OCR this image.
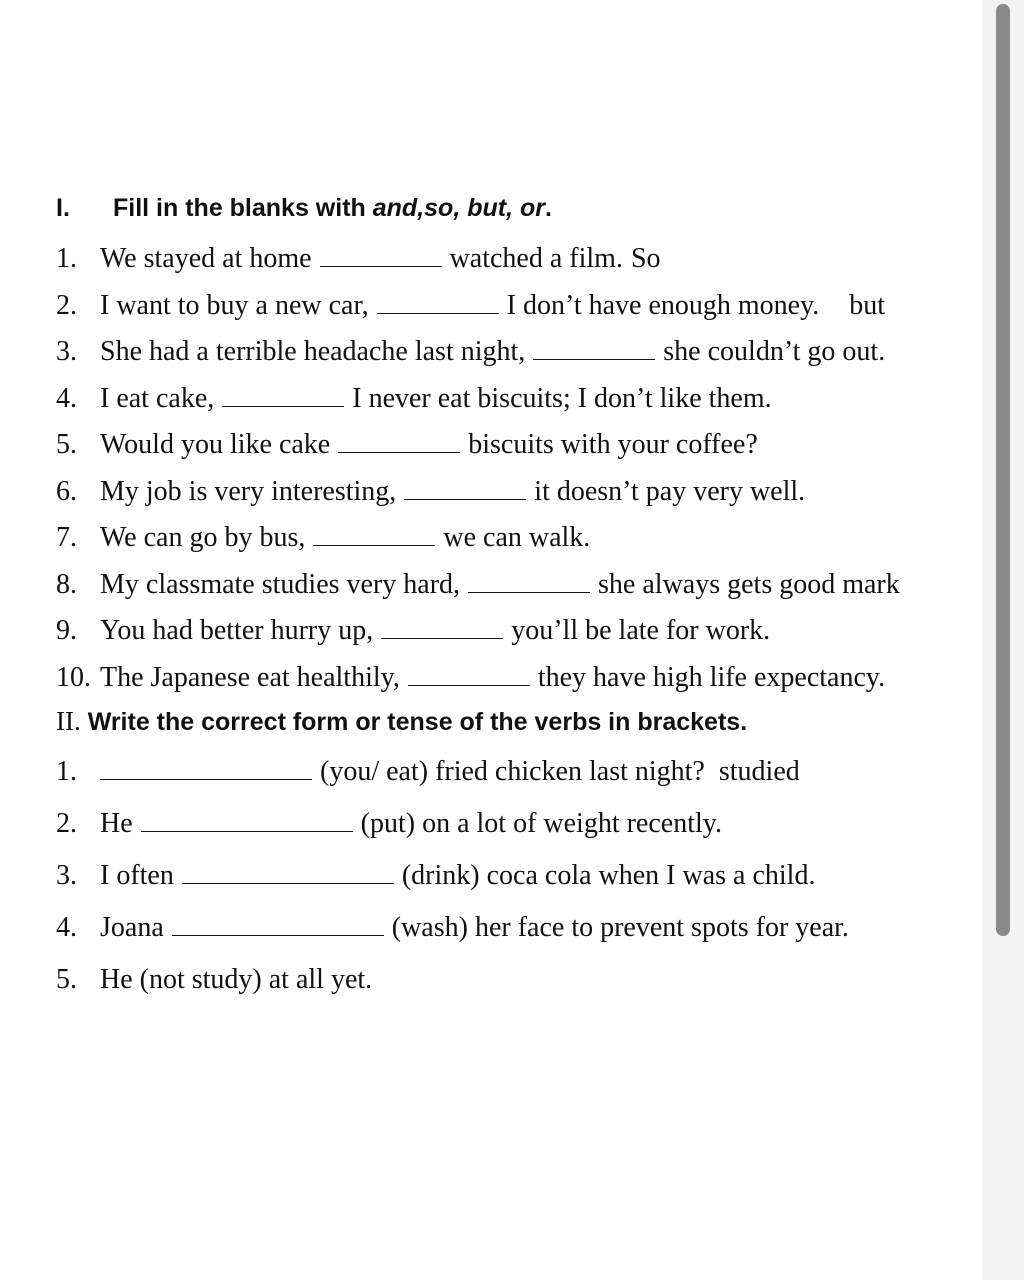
I. Fill in the blanks with and,so, but, or.
1. We stayed at home	watched a film. So
2. I want to buy a new car,	I don’t have enough money. but
3. She had a terrible headache last night,	she couldn’t go out.
4. I eat cake,	I never eat biscuits; I don’t like them.
5. Would you like cake	biscuits with your coffee?
6. My job is very interesting,	it doesn’t pay very well.
7. We can go by bus,	we can walk.
8. My classmate studies very hard,	she always gets good mark
9. You had better hurry up,	you’ll be late for work.
10. The Japanese eat healthily,	they have high life expectancy.
II. Write the correct form or tense of the verbs in brackets.
1.	(you/ eat) fried chicken last night? studied
2. He	(put) on a lot of weight recently.
3. I often	(drink) coca cola when I was a child.
4. Joana	(wash) her face to prevent spots for year.
5. He (not study) at all yet.
